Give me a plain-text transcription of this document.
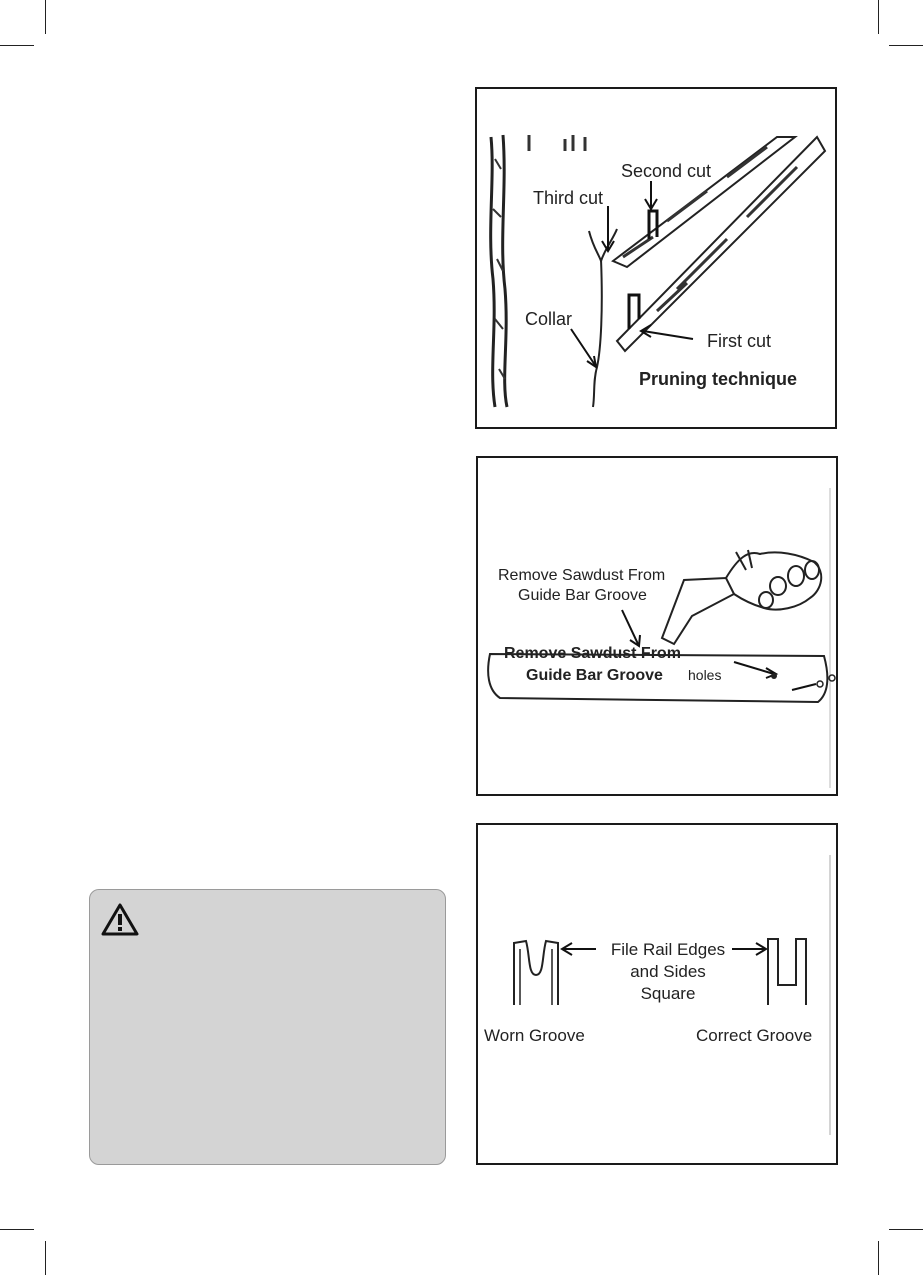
Second cut
Third cut
Collar
First cut
Pruning technique
Remove Sawdust From
Guide Bar Groove
Remove Sawdust From
Guide Bar Groove holes
File Rail Edges
and Sides
Square
Worn Groove	Correct Groove
